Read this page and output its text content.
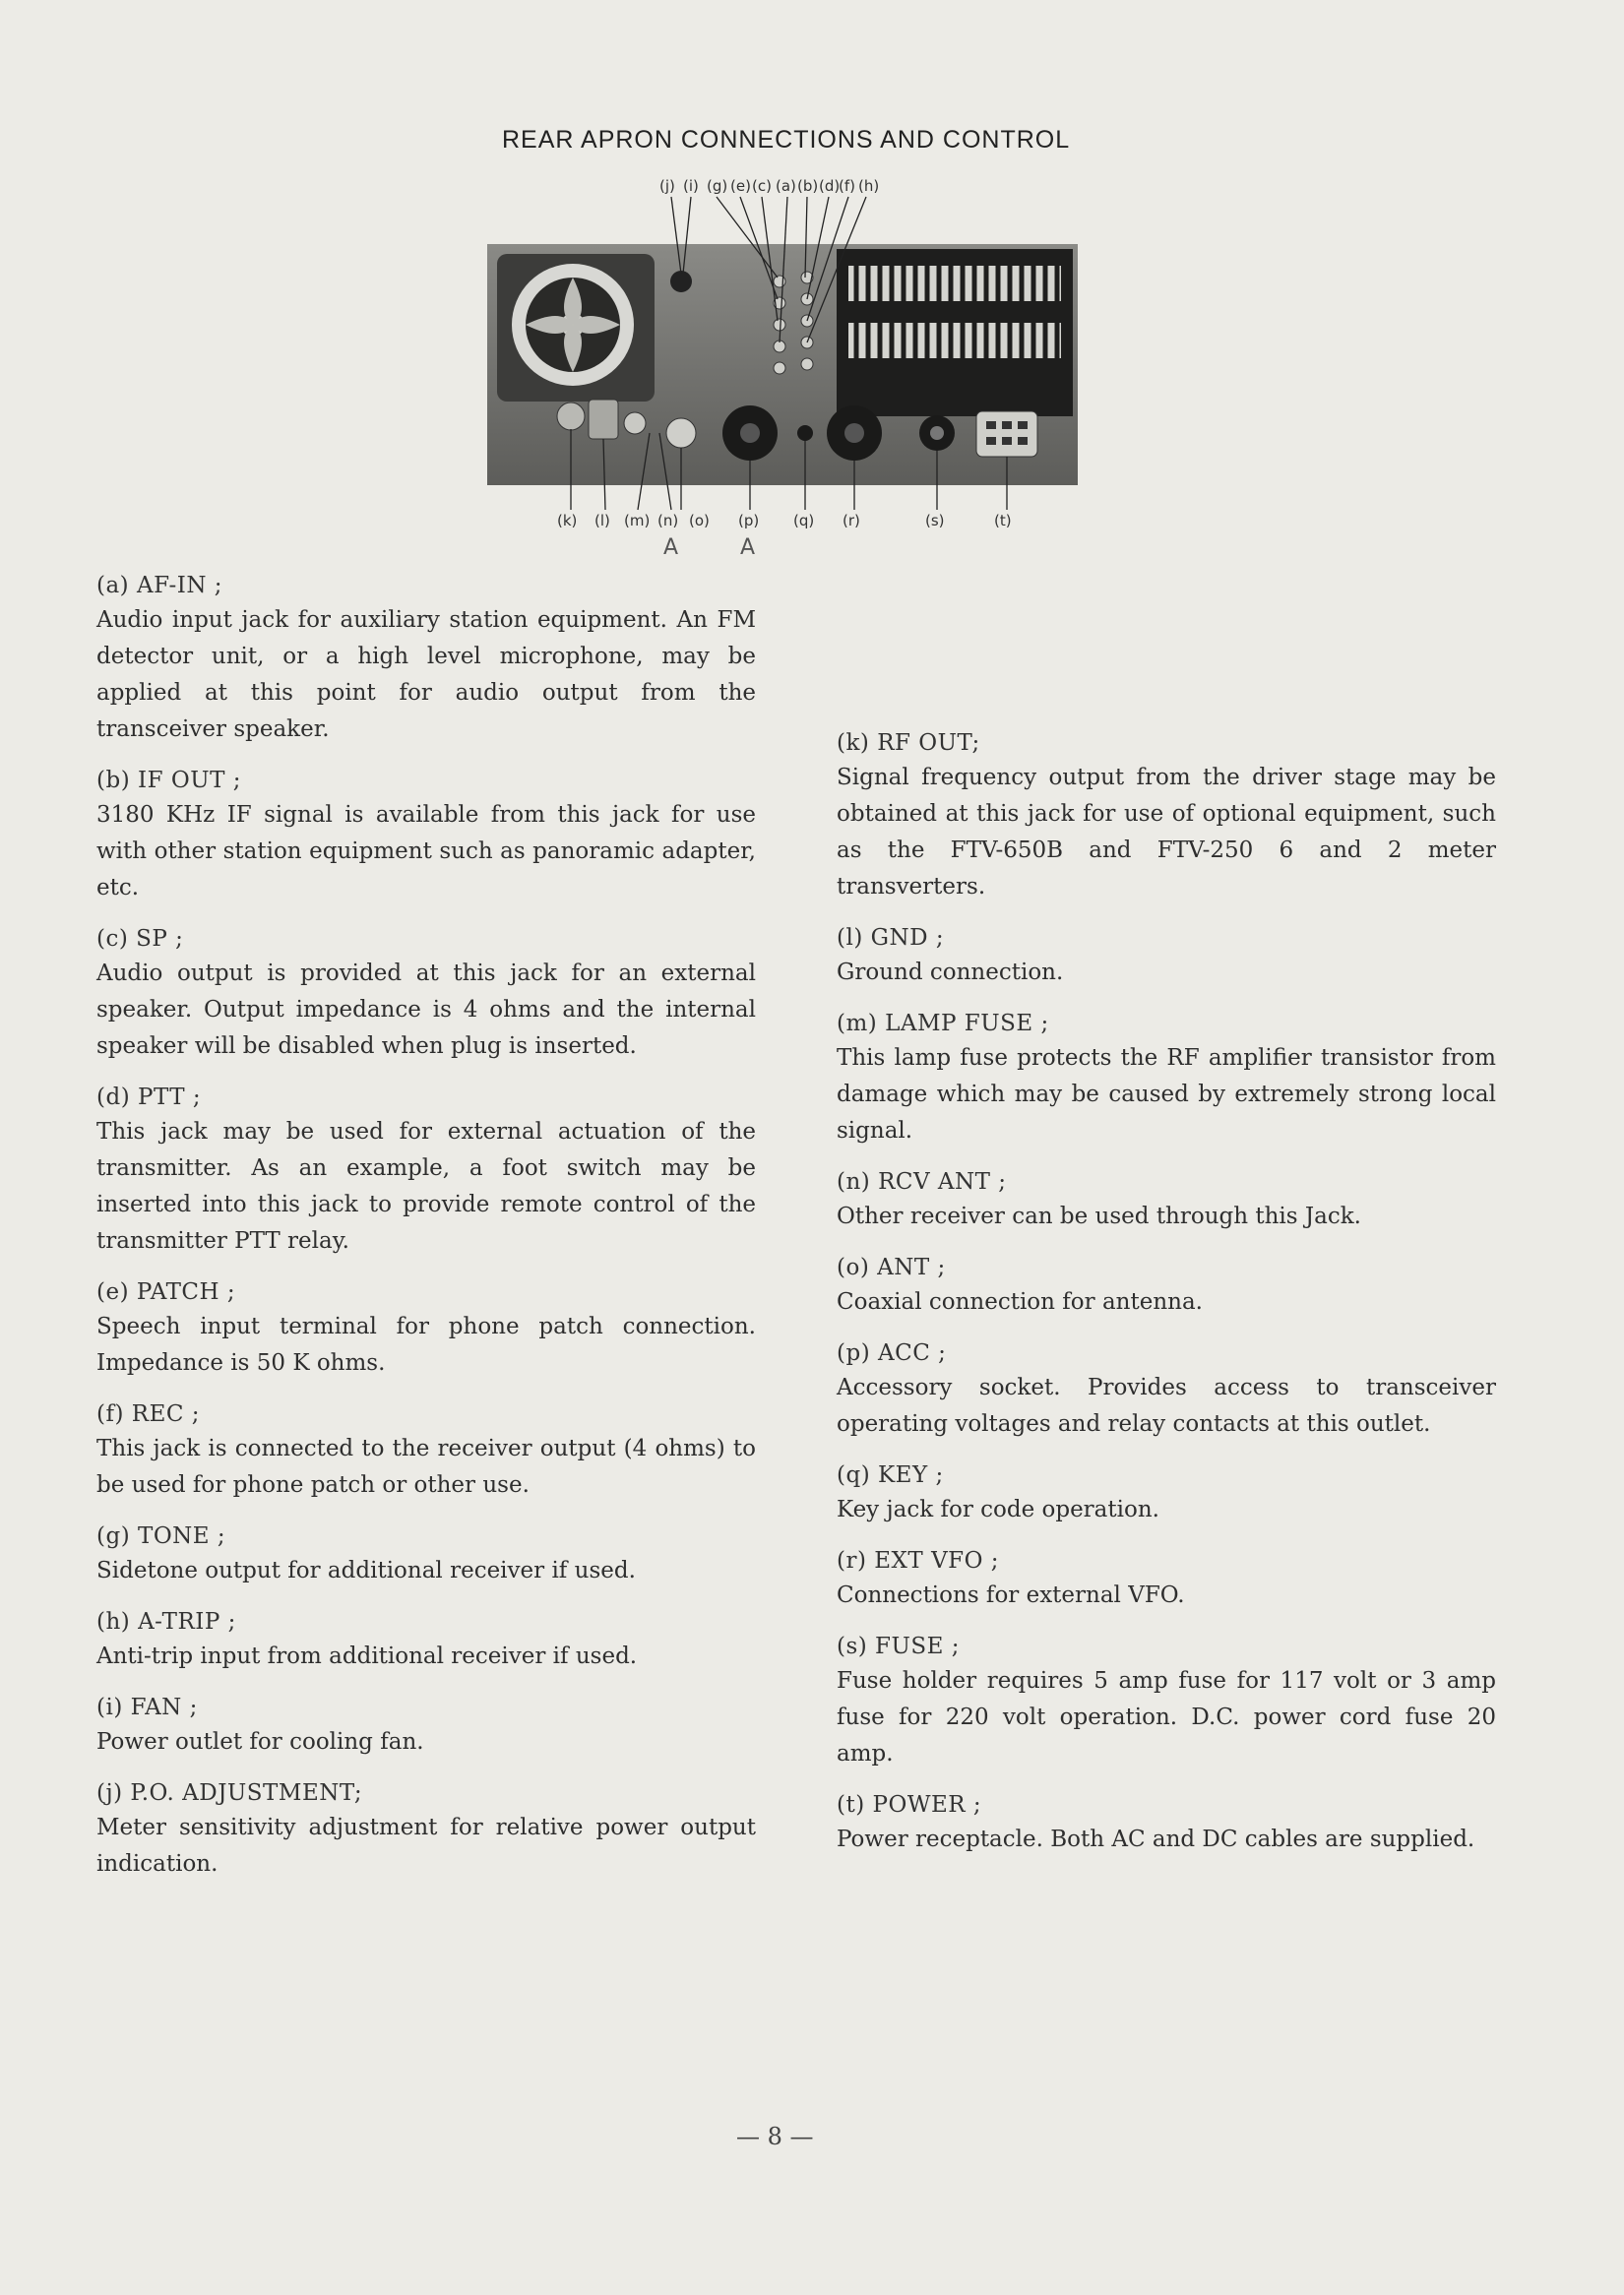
REAR APRON CONNECTIONS AND CONTROL
(j) (i) (g) (e) (c) (a) (b) (d)
(f) (h)
(k) (l) (m) (n) (o) (p) (q) (r)	(s)	(t)
A	A
(a) AF-IN ;
Audio input jack for auxiliary station equipment. An FM detector unit, or a high level microphone, may be applied at this point for audio output from the transceiver speaker.
(b) IF OUT ;
3180 KHz IF signal is available from this jack for use with other station equipment such as panoramic adapter, etc.
(c) SP ;
Audio output is provided at this jack for an external speaker. Output impedance is 4 ohms and the internal speaker will be disabled when plug is inserted.
(d) PTT ;
This jack may be used for external actuation of the transmitter. As an example, a foot switch may be inserted into this jack to provide remote control of the transmitter PTT relay.
(e) PATCH ;
Speech input terminal for phone patch connection. Impedance is 50 K ohms.
(f) REC ;
This jack is connected to the receiver output (4 ohms) to be used for phone patch or other use.
(g) TONE ;
Sidetone output for additional receiver if used.
(h) A-TRIP ;
Anti-trip input from additional receiver if used.
(i) FAN ;
Power outlet for cooling fan.
(j) P.O. ADJUSTMENT;
Meter sensitivity adjustment for relative power output indication.
(k) RF OUT;
Signal frequency output from the driver stage may be obtained at this jack for use of optional equipment, such as the FTV-650B and FTV-250 6 and 2 meter transverters.
(l) GND ;
Ground connection.
(m) LAMP FUSE ;
This lamp fuse protects the RF amplifier transistor from damage which may be caused by extremely strong local signal.
(n) RCV ANT ;
Other receiver can be used through this Jack.
(o) ANT ;
Coaxial connection for antenna.
(p) ACC ;
Accessory socket. Provides access to transceiver operating voltages and relay contacts at this outlet.
(q) KEY ;
Key jack for code operation.
(r) EXT VFO ;
Connections for external VFO.
(s) FUSE ;
Fuse holder requires 5 amp fuse for 117 volt or 3 amp fuse for 220 volt operation. D.C. power cord fuse 20 amp.
(t) POWER ;
Power receptacle. Both AC and DC cables are supplied.
— 8 —
